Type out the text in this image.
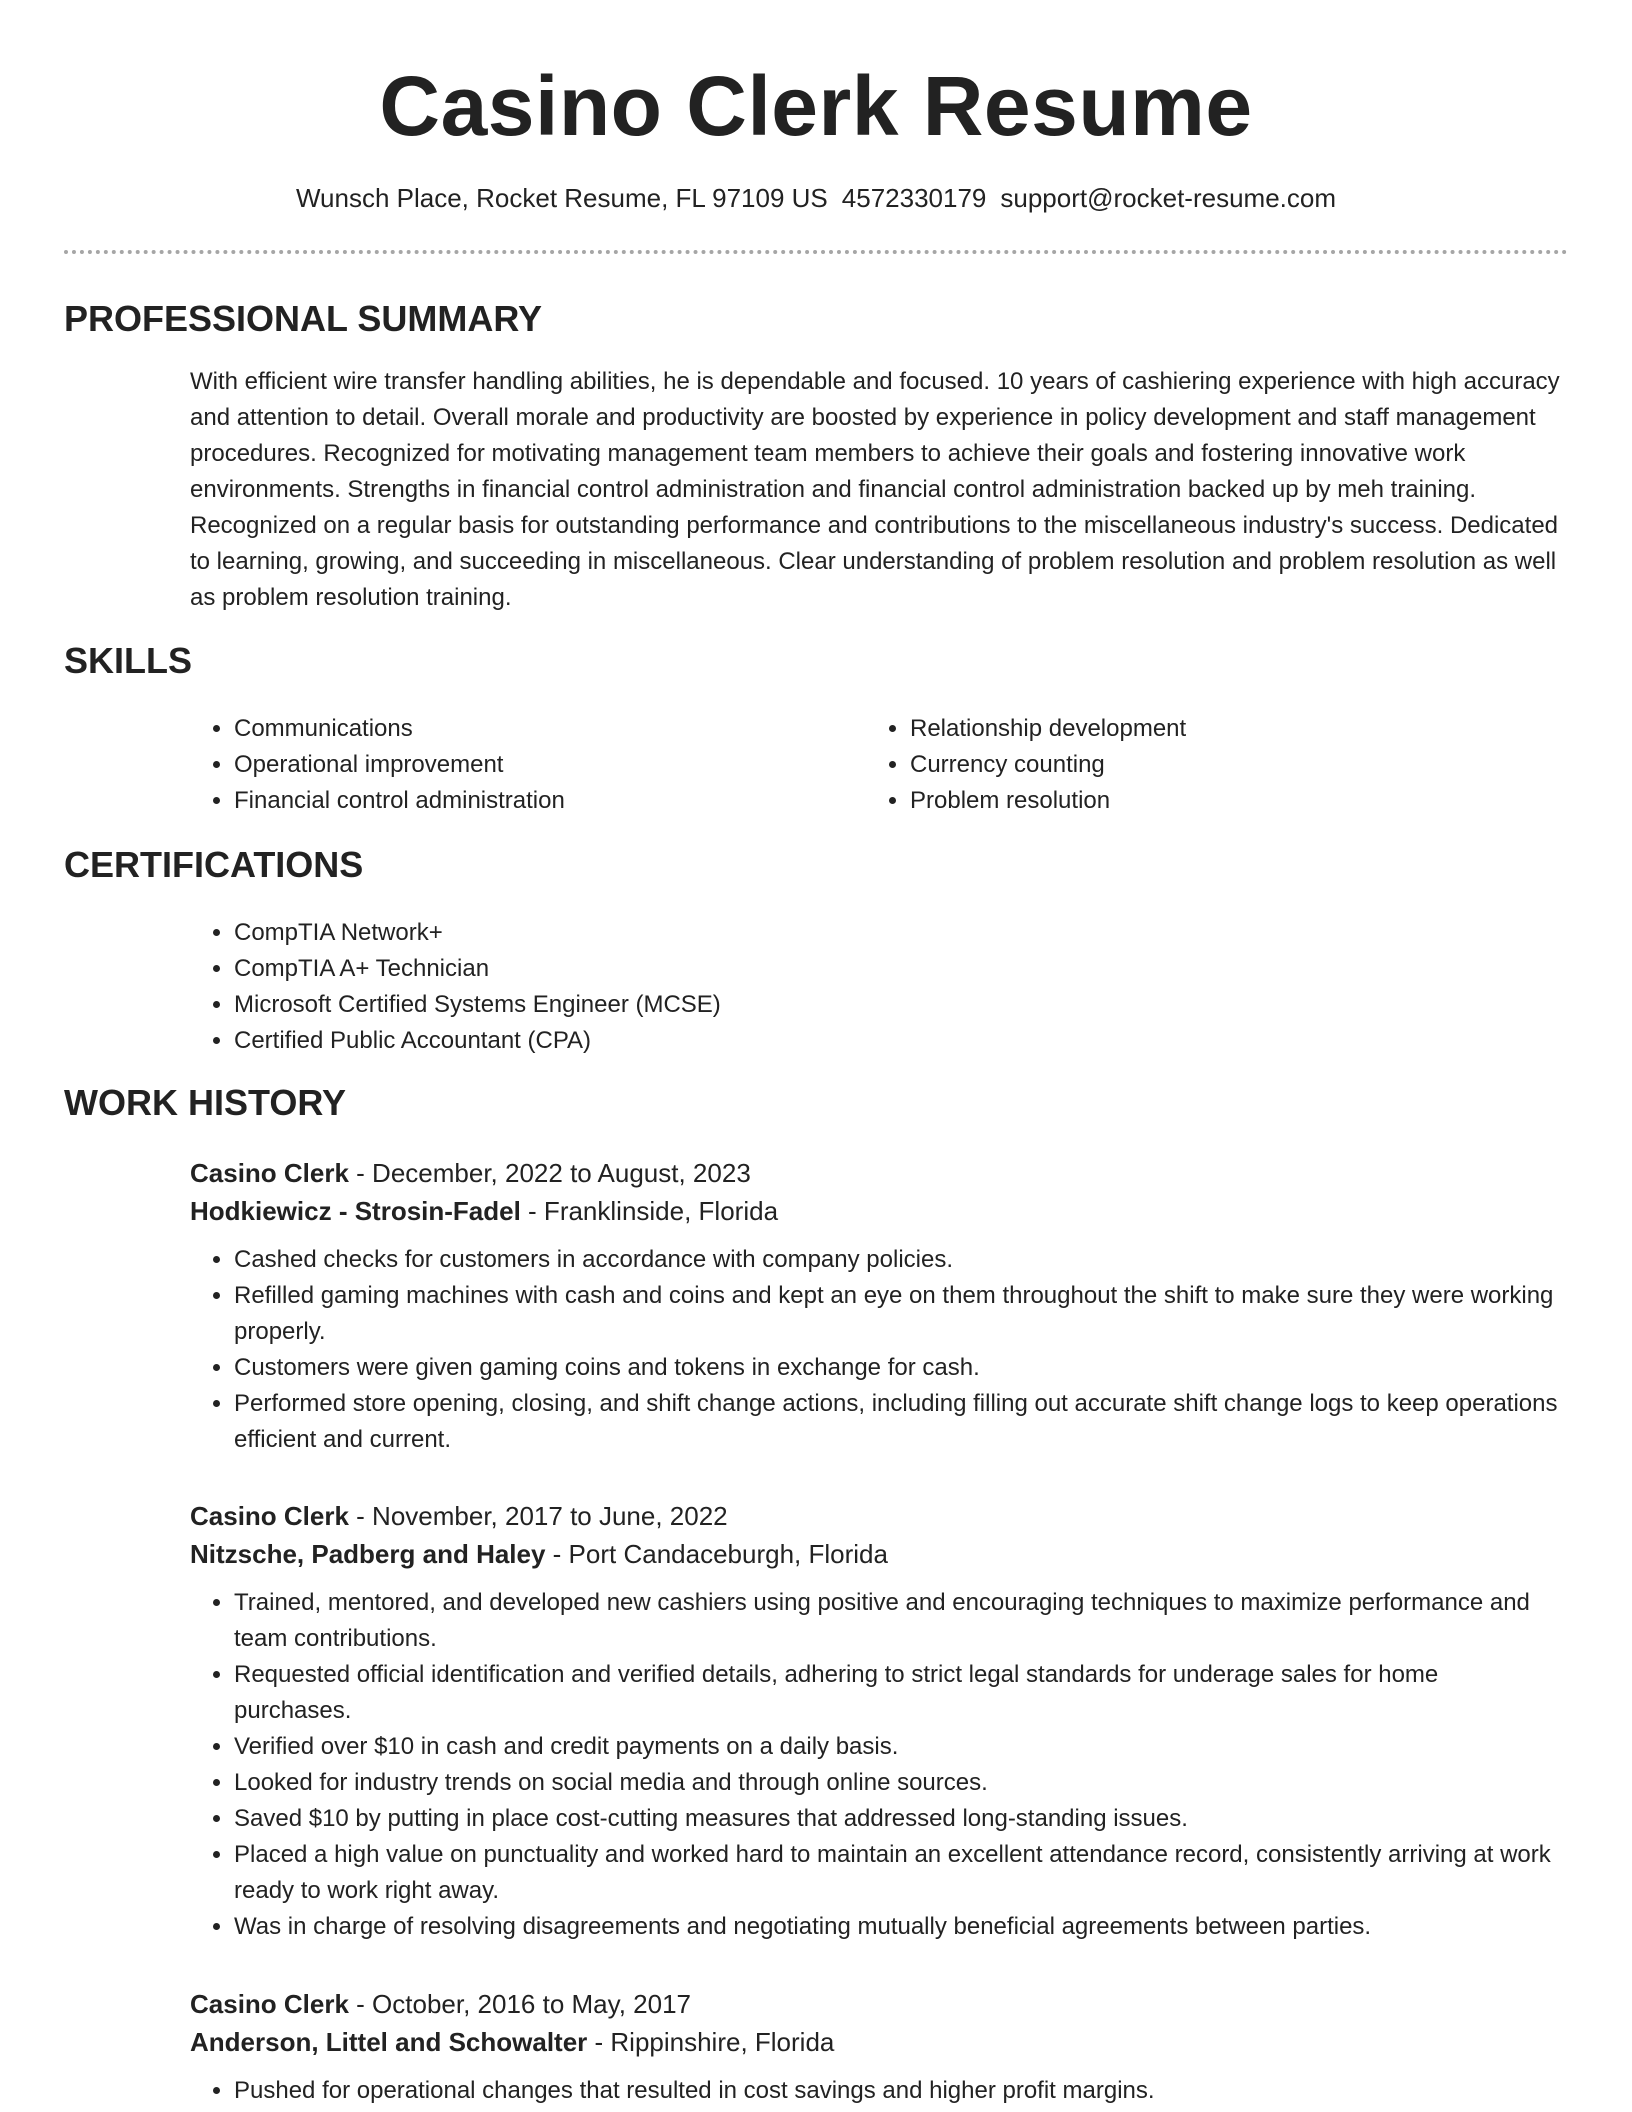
Casino Clerk Resume

Wunsch Place, Rocket Resume, FL 97109 US 4572330179 support@rocket-resume.com

PROFESSIONAL SUMMARY

With efficient wire transfer handling abilities, he is dependable and focused. 10 years of cashiering experience with high accuracy and attention to detail. Overall morale and productivity are boosted by experience in policy development and staff management procedures. Recognized for motivating management team members to achieve their goals and fostering innovative work environments. Strengths in financial control administration and financial control administration backed up by meh training. Recognized on a regular basis for outstanding performance and contributions to the miscellaneous industry's success. Dedicated to learning, growing, and succeeding in miscellaneous. Clear understanding of problem resolution and problem resolution as well as problem resolution training.

SKILLS
• Communications
• Operational improvement
• Financial control administration
• Relationship development
• Currency counting
• Problem resolution
CERTIFICATIONS
• CompTIA Network+
• CompTIA A+ Technician
• Microsoft Certified Systems Engineer (MCSE)
• Certified Public Accountant (CPA)
WORK HISTORY

Casino Clerk - December, 2022 to August, 2023

Hodkiewicz - Strosin-Fadel - Franklinside, Florida

• Cashed checks for customers in accordance with company policies.
• Refilled gaming machines with cash and coins and kept an eye on them throughout the shift to make sure they were working properly.
• Customers were given gaming coins and tokens in exchange for cash.
• Performed store opening, closing, and shift change actions, including filling out accurate shift change logs to keep operations efficient and current.

Casino Clerk - November, 2017 to June, 2022

Nitzsche, Padberg and Haley - Port Candaceburgh, Florida

• Trained, mentored, and developed new cashiers using positive and encouraging techniques to maximize performance and team contributions.
• Requested official identification and verified details, adhering to strict legal standards for underage sales for home purchases.
• Verified over $10 in cash and credit payments on a daily basis.
• Looked for industry trends on social media and through online sources.
• Saved $10 by putting in place cost-cutting measures that addressed long-standing issues.
• Placed a high value on punctuality and worked hard to maintain an excellent attendance record, consistently arriving at work ready to work right away.
• Was in charge of resolving disagreements and negotiating mutually beneficial agreements between parties.

Casino Clerk - October, 2016 to May, 2017

Anderson, Littel and Schowalter - Rippinshire, Florida

• Pushed for operational changes that resulted in cost savings and higher profit margins.
